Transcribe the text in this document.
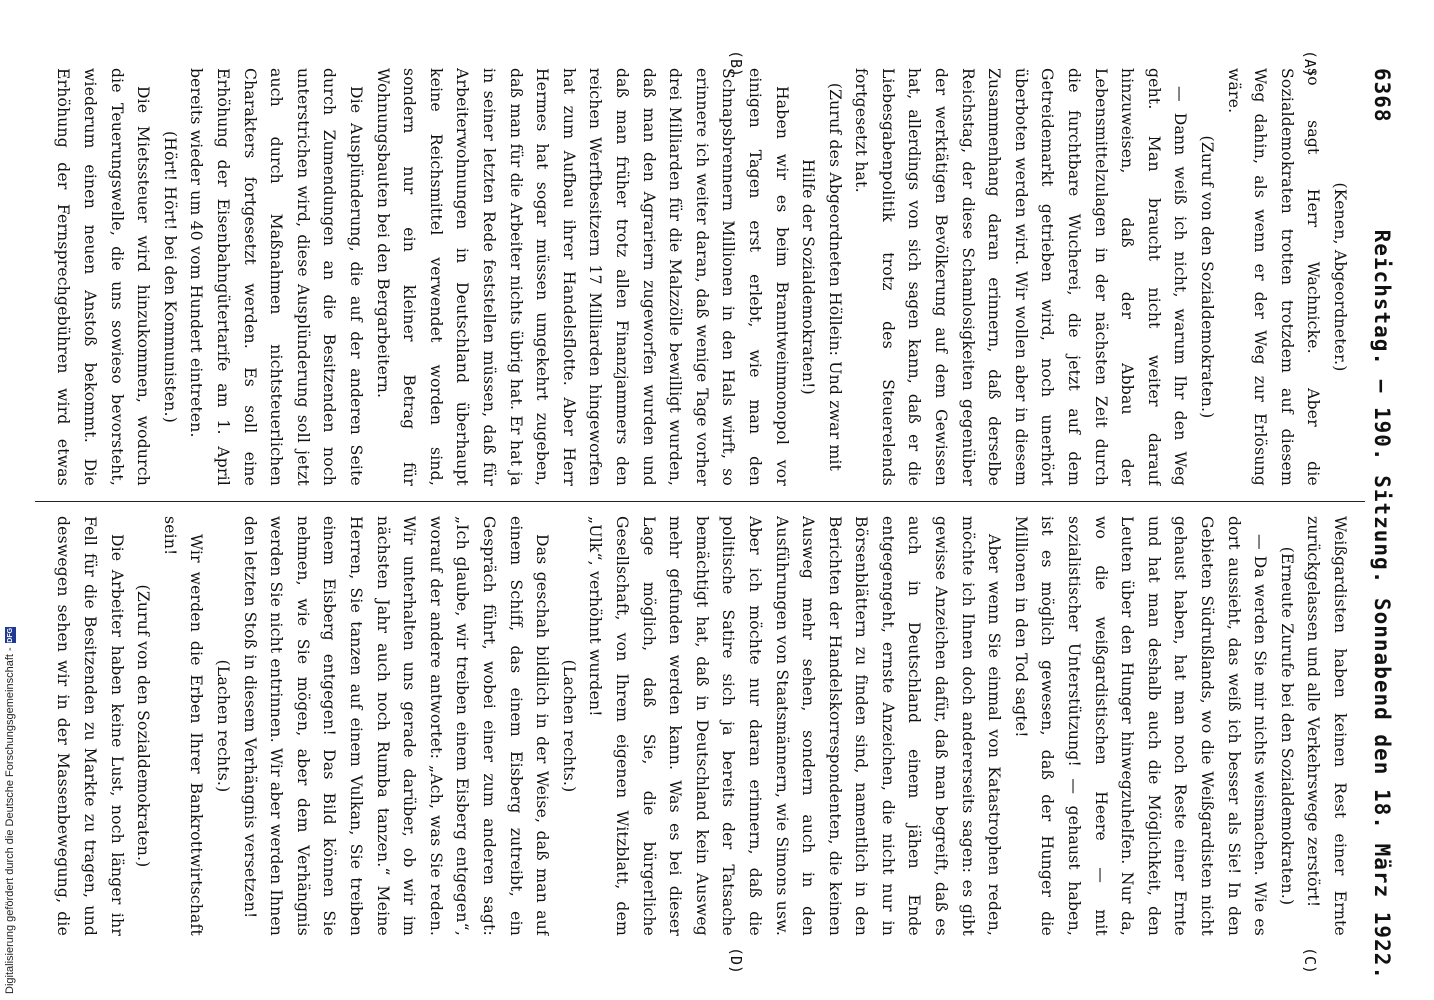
6368
Reichstag. — 190. Sitzung. Sonnabend den 18. März 1922.
(A)
(B)
(C)
(D)

(Kenen, Abgeordneter.)

so sagt Herr Wachnicke. Aber die Sozialdemokraten trotten trotzdem auf diesem Weg dahin, als wenn er der Weg zur Erlösung wäre.

(Zuruf von den Sozialdemokraten.)

— Dann weiß ich nicht, warum Ihr den Weg geht. Man braucht nicht weiter darauf hinzuweisen, daß der Abbau der Lebensmittelzulagen in der nächsten Zeit durch die furchtbare Wucherei, die jetzt auf dem Getreidemarkt getrieben wird, noch unerhört überboten werden wird. Wir wollen aber in diesem Zusammenhang daran erinnern, daß derselbe Reichstag, der diese Schamlosigkeiten gegenüber der werktätigen Bevölkerung auf dem Gewissen hat, allerdings von sich sagen kann, daß er die Liebesgabenpolitik trotz des Steuerelends fortgesetzt hat.

(Zuruf des Abgeordneten Höllein: Und zwar mit Hilfe der Sozialdemokraten!)

Haben wir es beim Branntweinmonopol vor einigen Tagen erst erlebt, wie man den Schnapsbrennern Millionen in den Hals wirft, so erinnere ich weiter daran, daß wenige Tage vorher drei Milliarden für die Malzzölle bewilligt wurden, daß man den Agrariern zugeworfen wurden und daß man früher trotz allen Finanzjammers den reichen Werftbesitzern 17 Milliarden hingeworfen hat zum Aufbau ihrer Handelsflotte. Aber Herr Hermes hat sogar müssen umgekehrt zugeben, daß man für die Arbeiter nichts übrig hat. Er hat ja in seiner letzten Rede feststellen müssen, daß für Arbeiterwohnungen in Deutschland überhaupt keine Reichsmittel verwendet worden sind, sondern nur ein kleiner Betrag für Wohnungsbauten bei den Bergarbeitern.

Die Ausplünderung, die auf der anderen Seite durch Zumendungen an die Besitzenden noch unterstrichen wird, diese Ausplünderung soll jetzt auch durch Maßnahmen nichtsteuerlichen Charakters fortgesetzt werden. Es soll eine Erhöhung der Eisenbahngütertarife am 1. April bereits wieder um 40 vom Hundert eintreten.

(Hört! Hört! bei den Kommunisten.)

Die Mietssteuer wird hinzukommen, wodurch die Teuerungswelle, die uns sowieso bevorsteht, wiederum einen neuen Anstoß bekommt. Die Erhöhung der Fernsprechgebühren wird etwas

Weißgardisten haben keinen Rest einer Ernte zurückgelassen und alle Verkehrswege zerstört!

(Erneute Zurufe bei den Sozialdemokraten.)

— Da werden Sie mir nichts weismachen. Wie es dort aussieht, das weiß ich besser als Sie! In den Gebieten Südrußlands, wo die Weißgardisten nicht gehaust haben, hat man noch Reste einer Ernte und hat man deshalb auch die Möglichkeit, den Leuten über den Hunger hinwegzuhelfen. Nur da, wo die weißgardistischen Heere — mit sozialistischer Unterstützung! — gehaust haben, ist es möglich gewesen, daß der Hunger die Millionen in den Tod sagte!

Aber wenn Sie einmal von Katastrophen reden, möchte ich Ihnen doch andererseits sagen: es gibt gewisse Anzeichen dafür, daß man begreift, daß es auch in Deutschland einem jähen Ende entgegengeht, ernste Anzeichen, die nicht nur in Börsenblättern zu finden sind, namentlich in den Berichten der Handelskorrespondenten, die keinen Ausweg mehr sehen, sondern auch in den Ausführungen von Staatsmännern, wie Simons usw. Aber ich möchte nur daran erinnern, daß die politische Satire sich ja bereits der Tatsache bemächtigt hat, daß in Deutschland kein Ausweg mehr gefunden werden kann. Was es bei dieser Lage möglich, daß Sie, die bürgerliche Gesellschaft, von Ihrem eigenen Witzblatt, dem „Ulk“, verhöhnt wurden!

(Lachen rechts.)

Das geschah bildlich in der Weise, daß man auf einem Schiff, das einem Eisberg zutreibt, ein Gespräch führt, wobei einer zum anderen sagt: „Ich glaube, wir treiben einem Eisberg entgegen“, worauf der andere antwortet: „Ach, was Sie reden. Wir unterhalten uns gerade darüber, ob wir im nächsten Jahr auch noch Rumba tanzen.“ Meine Herren, Sie tanzen auf einem Vulkan, Sie treiben einem Eisberg entgegen! Das Bild können Sie nehmen, wie Sie mögen, aber dem Verhängnis werden Sie nicht entrinnen. Wir aber werden Ihnen den letzten Stoß in diesem Verhängnis versetzen!

(Lachen rechts.)

Wir werden die Erben Ihrer Bankrottwirtschaft sein!

(Zuruf von den Sozialdemokraten.)

Die Arbeiter haben keine Lust, noch länger ihr Fell für die Besitzenden zu Markte zu tragen, und deswegen sehen wir in der Massenbewegung, die

Digitalisierung gefördert durch die Deutsche Forschungsgemeinschaft -
DFG
